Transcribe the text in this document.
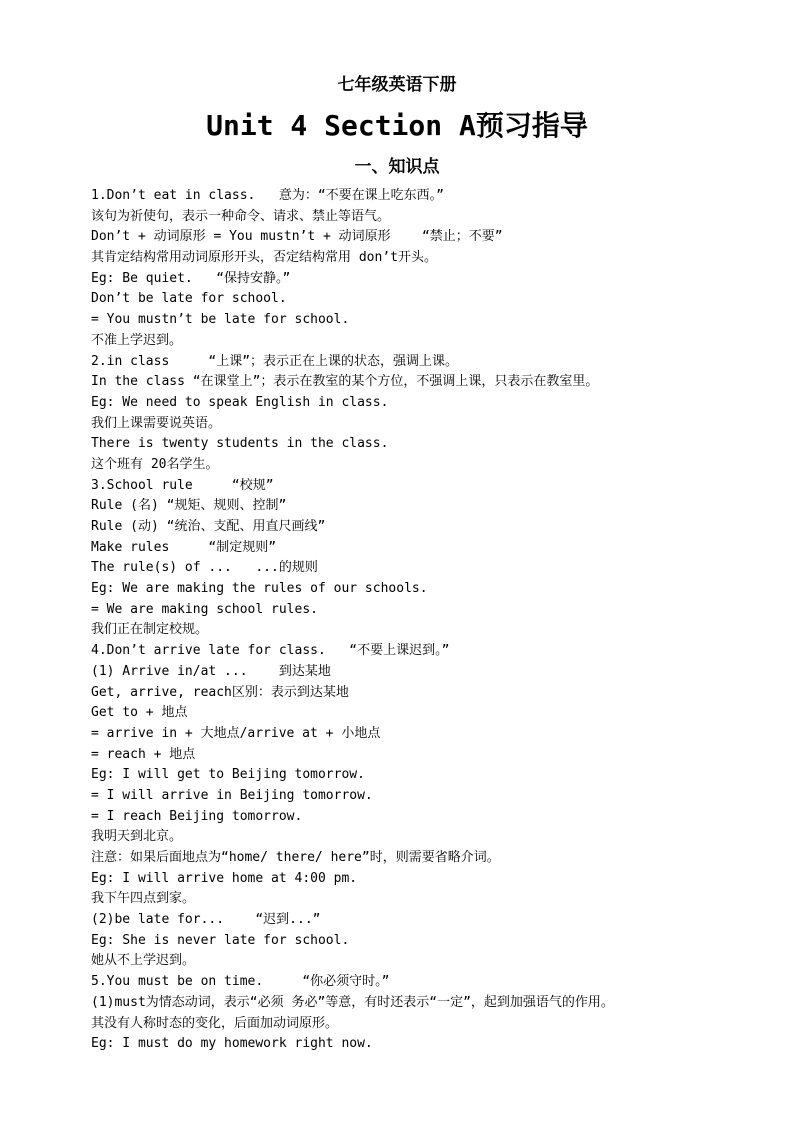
七年级英语下册
Unit 4 Section A预习指导
一、知识点
1.Don’t eat in class.   意为：“不要在课上吃东西。”
该句为祈使句，表示一种命令、请求、禁止等语气。
Don’t + 动词原形 = You mustn’t + 动词原形    “禁止；不要”
其肯定结构常用动词原形开头，否定结构常用 don’t开头。
Eg: Be quiet.   “保持安静。”
Don’t be late for school.
= You mustn’t be late for school.
不准上学迟到。
2.in class     “上课”；表示正在上课的状态，强调上课。
In the class “在课堂上”；表示在教室的某个方位，不强调上课，只表示在教室里。
Eg: We need to speak English in class.
我们上课需要说英语。
There is twenty students in the class.
这个班有 20名学生。
3.School rule     “校规”
Rule (名) “规矩、规则、控制”
Rule (动) “统治、支配、用直尺画线”
Make rules     “制定规则”
The rule(s) of ...   ...的规则
Eg: We are making the rules of our schools.
= We are making school rules.
我们正在制定校规。
4.Don’t arrive late for class.   “不要上课迟到。”
(1) Arrive in/at ...    到达某地
Get, arrive, reach区别：表示到达某地
Get to + 地点
= arrive in + 大地点/arrive at + 小地点
= reach + 地点
Eg: I will get to Beijing tomorrow.
= I will arrive in Beijing tomorrow.
= I reach Beijing tomorrow.
我明天到北京。
注意：如果后面地点为“home/ there/ here”时，则需要省略介词。
Eg: I will arrive home at 4:00 pm.
我下午四点到家。
(2)be late for...    “迟到...”
Eg: She is never late for school.
她从不上学迟到。
5.You must be on time.     “你必须守时。”
(1)must为情态动词，表示“必须 务必”等意，有时还表示“一定”，起到加强语气的作用。
其没有人称时态的变化，后面加动词原形。
Eg: I must do my homework right now.
